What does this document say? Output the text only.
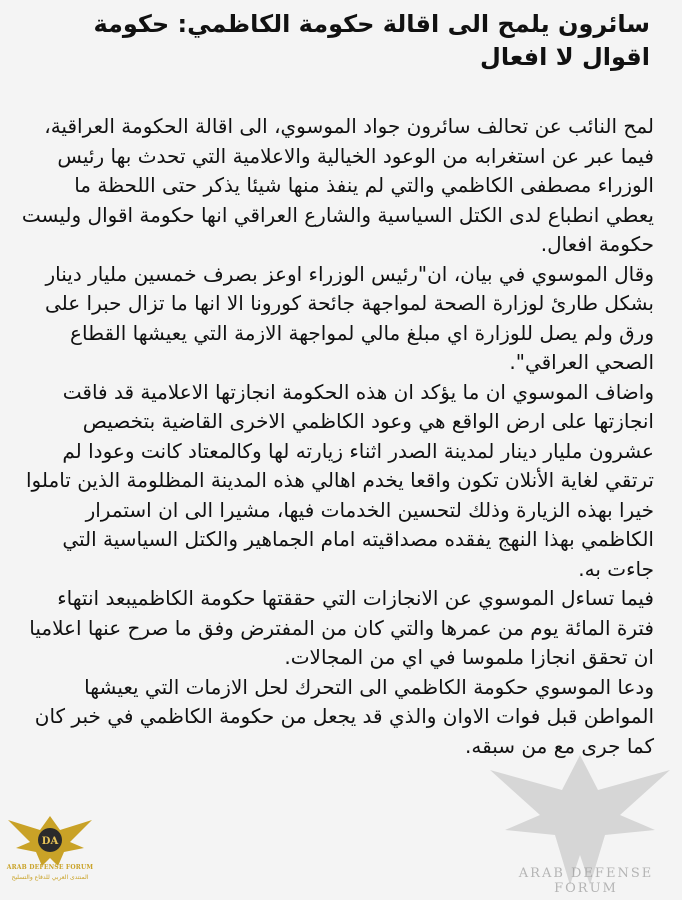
سائرون يلمح الى اقالة حكومة الكاظمي: حكومة اقوال لا افعال

لمح النائب عن تحالف سائرون جواد الموسوي، الى اقالة الحكومة العراقية، فيما عبر عن استغرابه من الوعود الخيالية والاعلامية التي تحدث بها رئيس الوزراء مصطفى الكاظمي والتي لم ينفذ منها شيئا يذكر حتى اللحظة ما يعطي انطباع لدى الكتل السياسية والشارع العراقي انها حكومة اقوال وليست حكومة افعال.

وقال الموسوي في بيان، ان"رئيس الوزراء اوعز بصرف خمسين مليار دينار بشكل طارئ لوزارة الصحة لمواجهة جائحة كورونا الا انها ما تزال حبرا على ورق ولم يصل للوزارة اي مبلغ مالي لمواجهة الازمة التي يعيشها القطاع الصحي العراقي".

واضاف الموسوي ان ما يؤكد ان هذه الحكومة انجازتها الاعلامية قد فاقت انجازتها على ارض الواقع هي وعود الكاظمي الاخرى القاضية بتخصيص عشرون مليار دينار لمدينة الصدر اثناء زيارته لها وكالمعتاد كانت وعودا لم ترتقي لغاية الأنلان تكون واقعا يخدم اهالي هذه المدينة المظلومة الذين تاملوا خيرا بهذه الزيارة وذلك لتحسين الخدمات فيها، مشيرا الى ان استمرار الكاظمي بهذا النهج يفقده مصداقيته امام الجماهير والكتل السياسية التي جاءت به.

فيما تساءل الموسوي عن الانجازات التي حققتها حكومة الكاظميبعد انتهاء فترة المائة يوم من عمرها والتي كان من المفترض وفق ما صرح عنها اعلاميا ان تحقق انجازا ملموسا في اي من المجالات.

ودعا الموسوي حكومة الكاظمي الى التحرك لحل الازمات التي يعيشها المواطن قبل فوات الاوان والذي قد يجعل من حكومة الكاظمي في خبر كان كما جرى مع من سبقه.

ARAB DEFENSE FORUM
DA
ARAB DEFENSE FORUM
المنتدى العربي للدفاع والتسليح
